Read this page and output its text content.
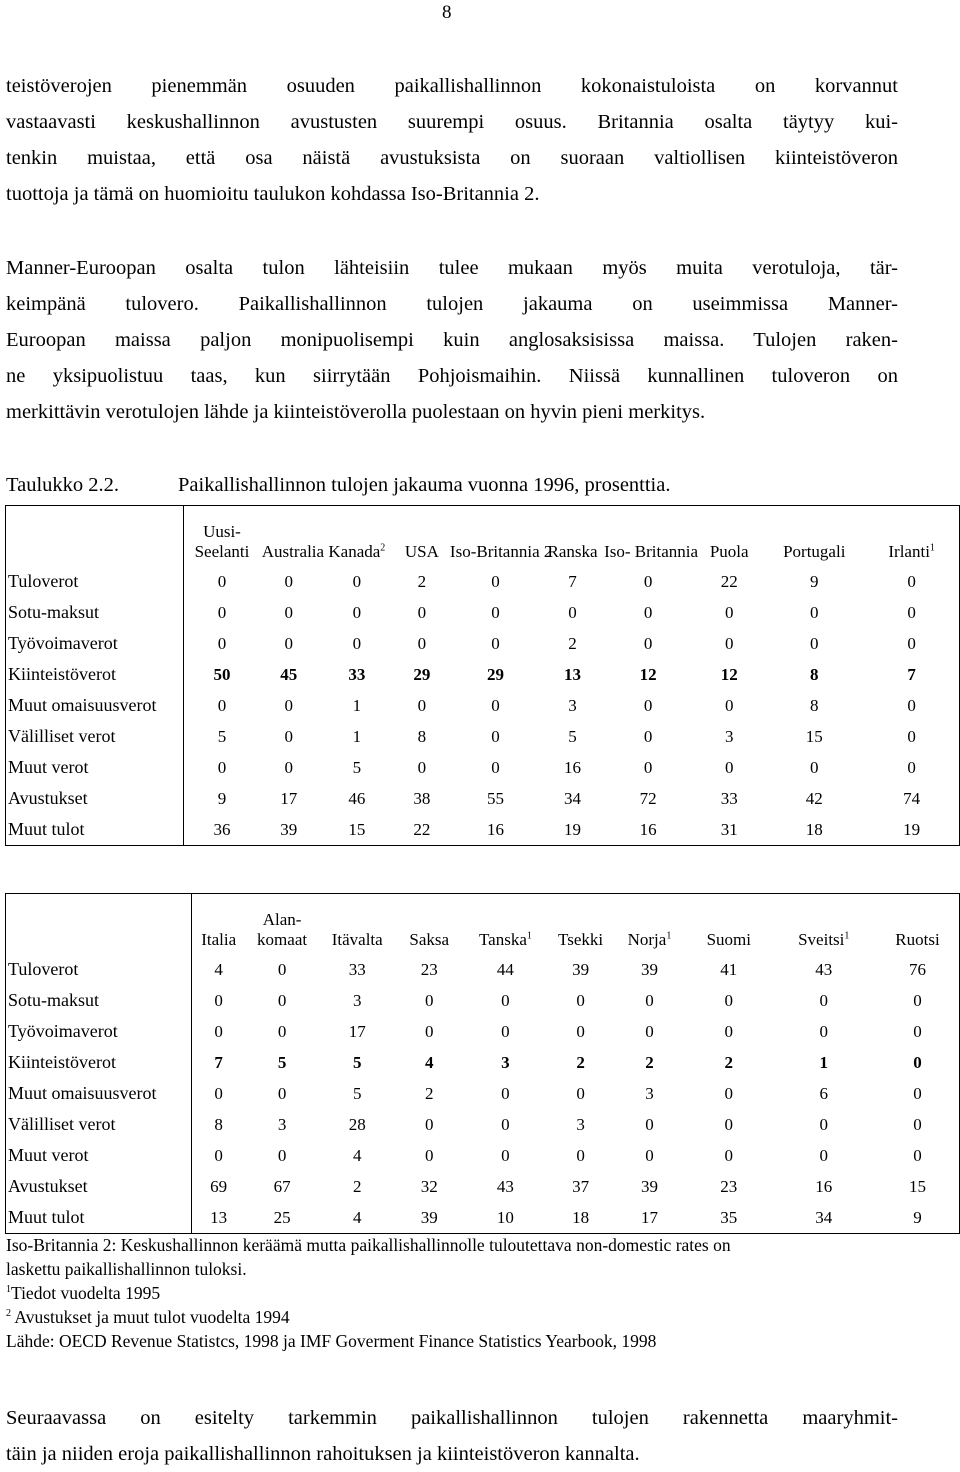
8

teistöverojen pienemmän osuuden paikallishallinnon kokonaistuloista on korvannut
vastaavasti keskushallinnon avustusten suurempi osuus. Britannia osalta täytyy kui-
tenkin muistaa, että osa näistä avustuksista on suoraan valtiollisen kiinteistöveron
tuottoja ja tämä on huomioitu taulukon kohdassa Iso-Britannia 2.

Manner-Euroopan osalta tulon lähteisiin tulee mukaan myös muita verotuloja, tär-
keimpänä tulovero. Paikallishallinnon tulojen jakauma on useimmissa Manner-
Euroopan maissa paljon monipuolisempi kuin anglosaksisissa maissa. Tulojen raken-
ne yksipuolistuu taas, kun siirrytään Pohjoismaihin. Niissä kunnallinen tuloveron on
merkittävin verotulojen lähde ja kiinteistöverolla puolestaan on hyvin pieni merkitys.

Taulukko 2.2.	Paikallishallinnon tulojen jakauma vuonna 1996, prosenttia.

	Uusi-
Seelanti	Australia	Kanada$^2$	USA	Iso-Britannia 2	Ranska	Iso- Britannia	Puola	Portugali	Irlanti$^1$
Tuloverot	0	0	0	2	0	7	0	22	9	0
Sotu-maksut	0	0	0	0	0	0	0	0	0	0
Työvoimaverot	0	0	0	0	0	2	0	0	0	0
Kiinteistöverot	50	45	33	29	29	13	12	12	8	7
Muut omaisuusverot	0	0	1	0	0	3	0	0	8	0
Välilliset verot	5	0	1	8	0	5	0	3	15	0
Muut verot	0	0	5	0	0	16	0	0	0	0
Avustukset	9	17	46	38	55	34	72	33	42	74
Muut tulot	36	39	15	22	16	19	16	31	18	19
	Italia	Alan-
komaat	Itävalta	Saksa	Tanska$^1$	Tsekki	Norja$^1$	Suomi	Sveitsi$^1$	Ruotsi
Tuloverot	4	0	33	23	44	39	39	41	43	76
Sotu-maksut	0	0	3	0	0	0	0	0	0	0
Työvoimaverot	0	0	17	0	0	0	0	0	0	0
Kiinteistöverot	7	5	5	4	3	2	2	2	1	0
Muut omaisuusverot	0	0	5	2	0	0	3	0	6	0
Välilliset verot	8	3	28	0	0	3	0	0	0	0
Muut verot	0	0	4	0	0	0	0	0	0	0
Avustukset	69	67	2	32	43	37	39	23	16	15
Muut tulot	13	25	4	39	10	18	17	35	34	9
Iso-Britannia 2: Keskushallinnon keräämä mutta paikallishallinnolle tuloutettava non-domestic rates on
laskettu paikallishallinnon tuloksi.
$^1$Tiedot vuodelta 1995
$^2$ Avustukset ja muut tulot vuodelta 1994
Lähde: OECD Revenue Statistcs, 1998 ja IMF Goverment Finance Statistics Yearbook, 1998

Seuraavassa on esitelty tarkemmin paikallishallinnon tulojen rakennetta maaryhmit-
täin ja niiden eroja paikallishallinnon rahoituksen ja kiinteistöveron kannalta.
